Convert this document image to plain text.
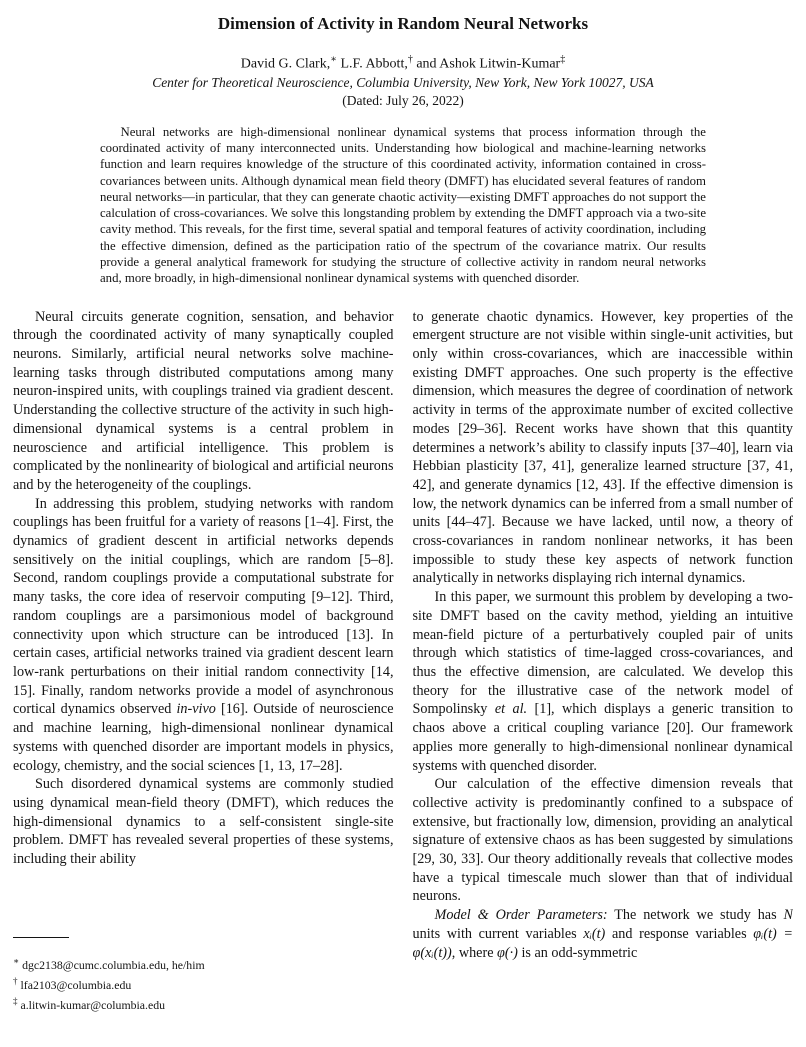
Dimension of Activity in Random Neural Networks
David G. Clark,∗ L.F. Abbott,† and Ashok Litwin-Kumar‡
Center for Theoretical Neuroscience, Columbia University, New York, New York 10027, USA
(Dated: July 26, 2022)
Neural networks are high-dimensional nonlinear dynamical systems that process information through the coordinated activity of many interconnected units. Understanding how biological and machine-learning networks function and learn requires knowledge of the structure of this coordinated activity, information contained in cross-covariances between units. Although dynamical mean field theory (DMFT) has elucidated several features of random neural networks—in particular, that they can generate chaotic activity—existing DMFT approaches do not support the calculation of cross-covariances. We solve this longstanding problem by extending the DMFT approach via a two-site cavity method. This reveals, for the first time, several spatial and temporal features of activity coordination, including the effective dimension, defined as the participation ratio of the spectrum of the covariance matrix. Our results provide a general analytical framework for studying the structure of collective activity in random neural networks and, more broadly, in high-dimensional nonlinear dynamical systems with quenched disorder.

Neural circuits generate cognition, sensation, and behavior through the coordinated activity of many synaptically coupled neurons. Similarly, artificial neural networks solve machine-learning tasks through distributed computations among many neuron-inspired units, with couplings trained via gradient descent. Understanding the collective structure of the activity in such high-dimensional dynamical systems is a central problem in neuroscience and artificial intelligence. This problem is complicated by the nonlinearity of biological and artificial neurons and by the heterogeneity of the couplings.

In addressing this problem, studying networks with random couplings has been fruitful for a variety of reasons [1–4]. First, the dynamics of gradient descent in artificial networks depends sensitively on the initial couplings, which are random [5–8]. Second, random couplings provide a computational substrate for many tasks, the core idea of reservoir computing [9–12]. Third, random couplings are a parsimonious model of background connectivity upon which structure can be introduced [13]. In certain cases, artificial networks trained via gradient descent learn low-rank perturbations on their initial random connectivity [14, 15]. Finally, random networks provide a model of asynchronous cortical dynamics observed in-vivo [16]. Outside of neuroscience and machine learning, high-dimensional nonlinear dynamical systems with quenched disorder are important models in physics, ecology, chemistry, and the social sciences [1, 13, 17–28].

Such disordered dynamical systems are commonly studied using dynamical mean-field theory (DMFT), which reduces the high-dimensional dynamics to a self-consistent single-site problem. DMFT has revealed several properties of these systems, including their ability

∗ dgc2138@cumc.columbia.edu, he/him
† lfa2103@columbia.edu
‡ a.litwin-kumar@columbia.edu

to generate chaotic dynamics. However, key properties of the emergent structure are not visible within single-unit activities, but only within cross-covariances, which are inaccessible within existing DMFT approaches. One such property is the effective dimension, which measures the degree of coordination of network activity in terms of the approximate number of excited collective modes [29–36]. Recent works have shown that this quantity determines a network’s ability to classify inputs [37–40], learn via Hebbian plasticity [37, 41], generalize learned structure [37, 41, 42], and generate dynamics [12, 43]. If the effective dimension is low, the network dynamics can be inferred from a small number of units [44–47]. Because we have lacked, until now, a theory of cross-covariances in random nonlinear networks, it has been impossible to study these key aspects of network function analytically in networks displaying rich internal dynamics.

In this paper, we surmount this problem by developing a two-site DMFT based on the cavity method, yielding an intuitive mean-field picture of a perturbatively coupled pair of units through which statistics of time-lagged cross-covariances, and thus the effective dimension, are calculated. We develop this theory for the illustrative case of the network model of Sompolinsky et al. [1], which displays a generic transition to chaos above a critical coupling variance [20]. Our framework applies more generally to high-dimensional nonlinear dynamical systems with quenched disorder.

Our calculation of the effective dimension reveals that collective activity is predominantly confined to a subspace of extensive, but fractionally low, dimension, providing an analytical signature of extensive chaos as has been suggested by simulations [29, 30, 33]. Our theory additionally reveals that collective modes have a typical timescale much slower than that of individual neurons.

Model & Order Parameters: The network we study has N units with current variables xᵢ(t) and response variables φᵢ(t) = φ(xᵢ(t)), where φ(·) is an odd-symmetric
